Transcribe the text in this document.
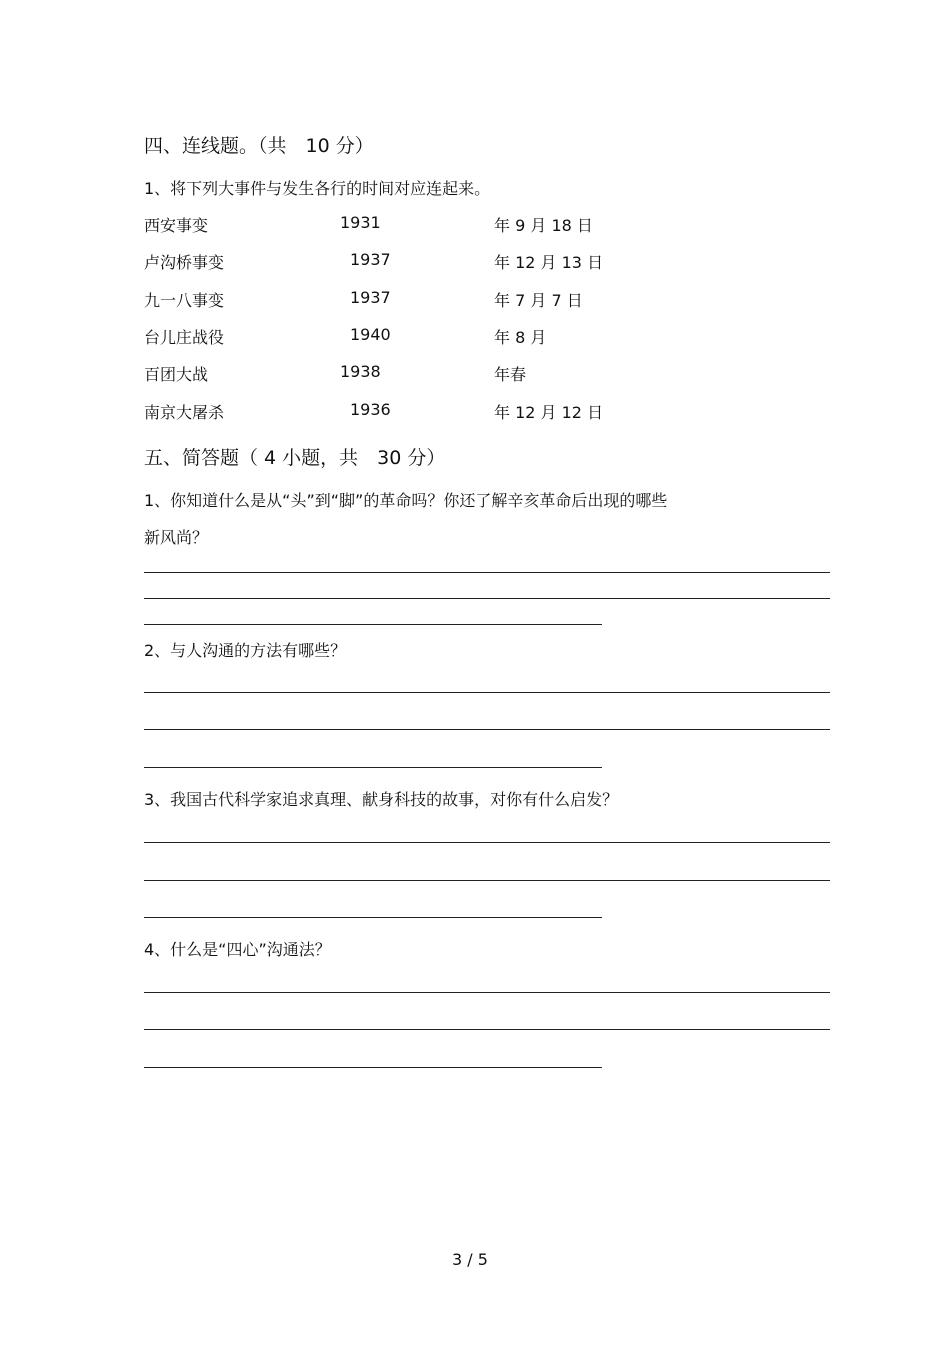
四、连线题。（共　10 分）
1、将下列大事件与发生各行的时间对应连起来。
西安事变	1931	年 9 月 18 日
卢沟桥事变	1937	年 12 月 13 日
九一八事变	1937	年 7 月 7 日
台儿庄战役	1940	年 8 月
百团大战	1938	年春
南京大屠杀	1936	年 12 月 12 日
五、简答题（ 4 小题，共　30 分）
1、你知道什么是从“头”到“脚”的革命吗？你还了解辛亥革命后出现的哪些
新风尚？
2、与人沟通的方法有哪些？
3、我国古代科学家追求真理、献身科技的故事，对你有什么启发？
4、什么是“四心”沟通法？
3 / 5
